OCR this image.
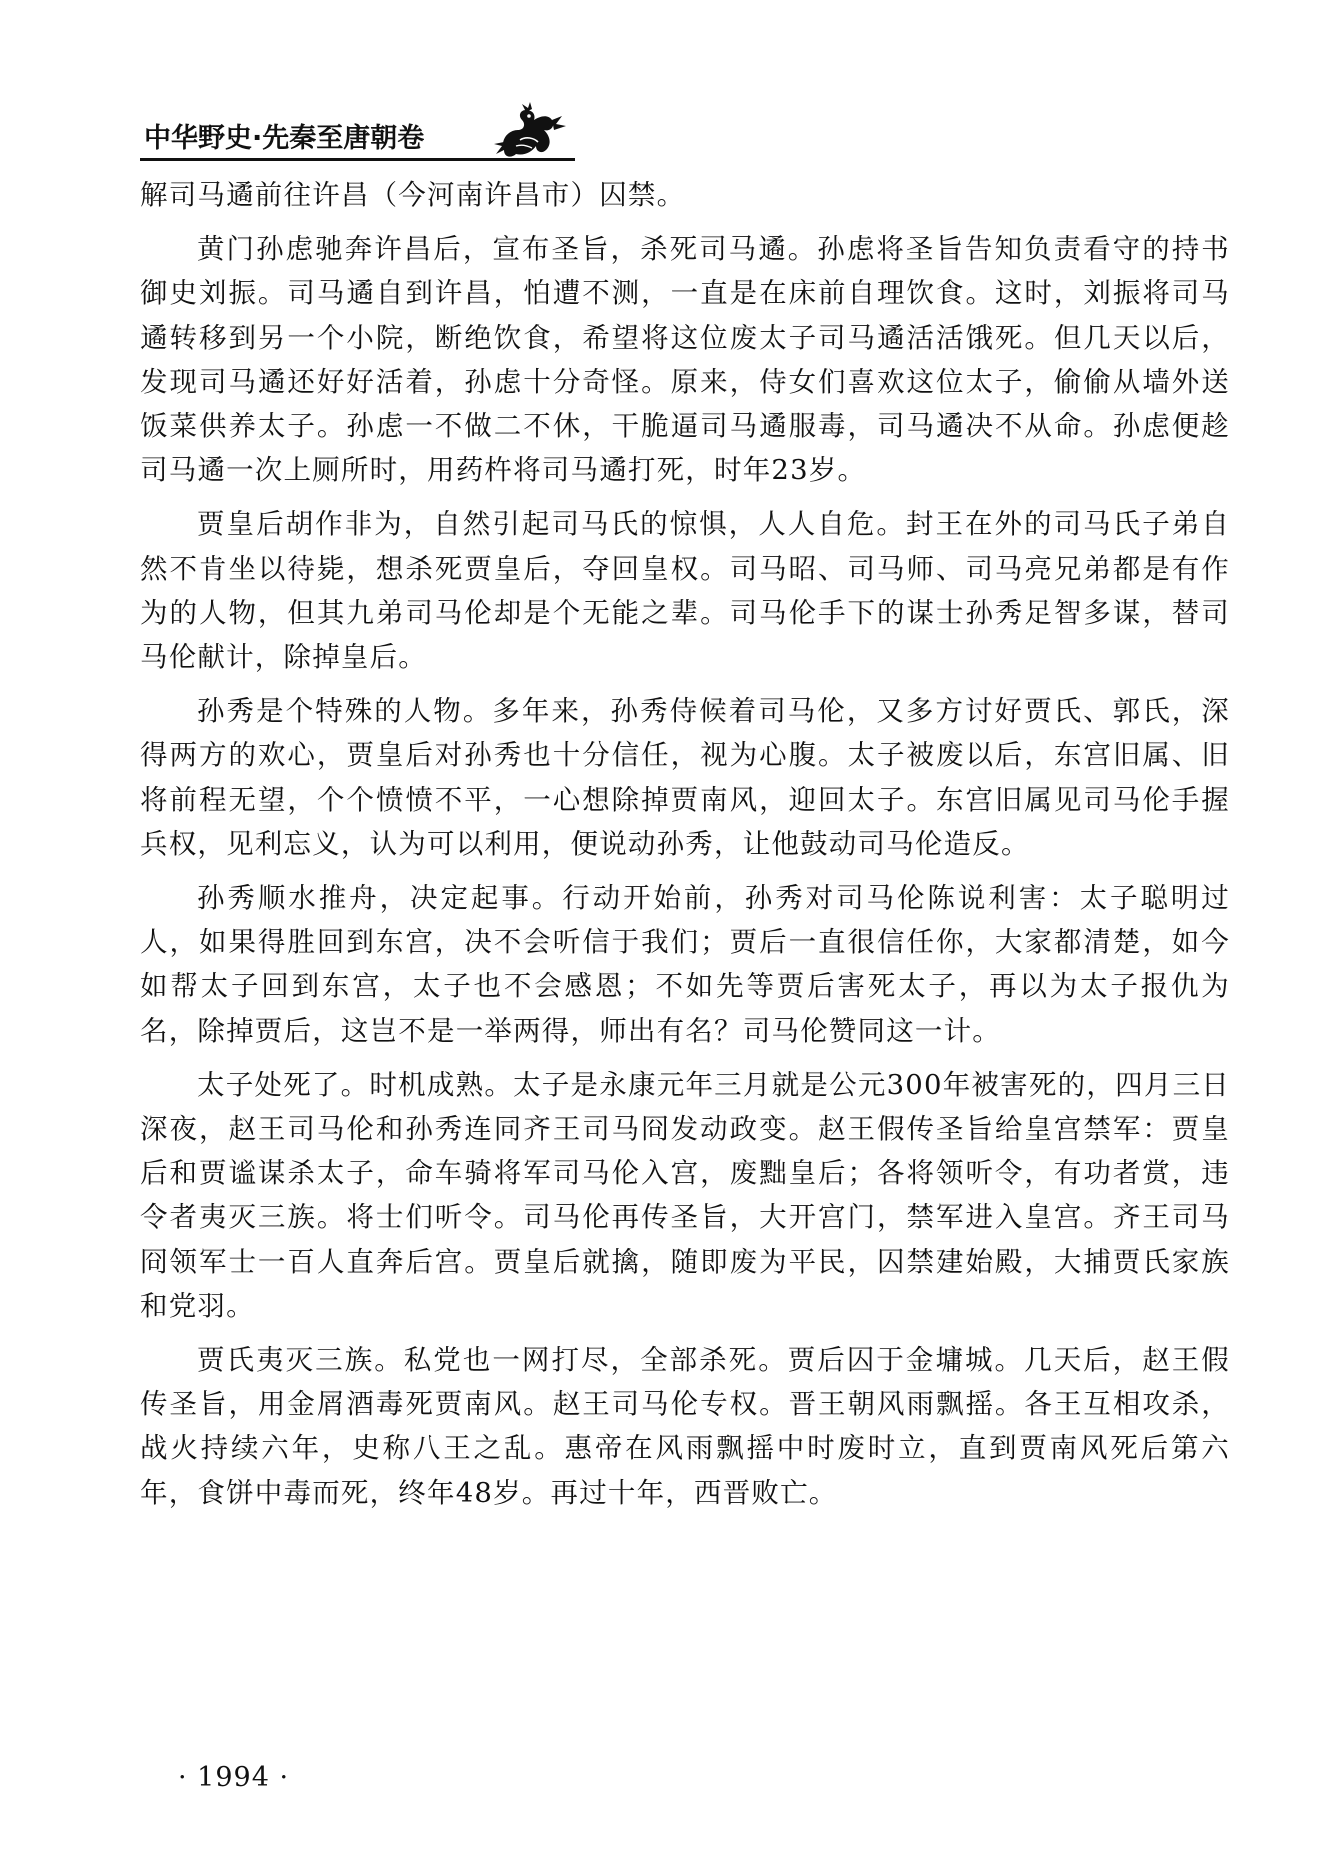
中华野史·先秦至唐朝卷

解司马遹前往许昌（今河南许昌市）囚禁。

黄门孙虑驰奔许昌后，宣布圣旨，杀死司马遹。孙虑将圣旨告知负责看守的持书御史刘振。司马遹自到许昌，怕遭不测，一直是在床前自理饮食。这时，刘振将司马遹转移到另一个小院，断绝饮食，希望将这位废太子司马遹活活饿死。但几天以后，发现司马遹还好好活着，孙虑十分奇怪。原来，侍女们喜欢这位太子，偷偷从墙外送饭菜供养太子。孙虑一不做二不休，干脆逼司马遹服毒，司马遹决不从命。孙虑便趁司马遹一次上厕所时，用药杵将司马遹打死，时年23岁。

贾皇后胡作非为，自然引起司马氏的惊惧，人人自危。封王在外的司马氏子弟自然不肯坐以待毙，想杀死贾皇后，夺回皇权。司马昭、司马师、司马亮兄弟都是有作为的人物，但其九弟司马伦却是个无能之辈。司马伦手下的谋士孙秀足智多谋，替司马伦献计，除掉皇后。

孙秀是个特殊的人物。多年来，孙秀侍候着司马伦，又多方讨好贾氏、郭氏，深得两方的欢心，贾皇后对孙秀也十分信任，视为心腹。太子被废以后，东宫旧属、旧将前程无望，个个愤愤不平，一心想除掉贾南风，迎回太子。东宫旧属见司马伦手握兵权，见利忘义，认为可以利用，便说动孙秀，让他鼓动司马伦造反。

孙秀顺水推舟，决定起事。行动开始前，孙秀对司马伦陈说利害：太子聪明过人，如果得胜回到东宫，决不会听信于我们；贾后一直很信任你，大家都清楚，如今如帮太子回到东宫，太子也不会感恩；不如先等贾后害死太子，再以为太子报仇为名，除掉贾后，这岂不是一举两得，师出有名？司马伦赞同这一计。

太子处死了。时机成熟。太子是永康元年三月就是公元300年被害死的，四月三日深夜，赵王司马伦和孙秀连同齐王司马冏发动政变。赵王假传圣旨给皇宫禁军：贾皇后和贾谧谋杀太子，命车骑将军司马伦入宫，废黜皇后；各将领听令，有功者赏，违令者夷灭三族。将士们听令。司马伦再传圣旨，大开宫门，禁军进入皇宫。齐王司马冏领军士一百人直奔后宫。贾皇后就擒，随即废为平民，囚禁建始殿，大捕贾氏家族和党羽。

贾氏夷灭三族。私党也一网打尽，全部杀死。贾后囚于金墉城。几天后，赵王假传圣旨，用金屑酒毒死贾南风。赵王司马伦专权。晋王朝风雨飘摇。各王互相攻杀，战火持续六年，史称八王之乱。惠帝在风雨飘摇中时废时立，直到贾南风死后第六年，食饼中毒而死，终年48岁。再过十年，西晋败亡。

· 1994 ·
